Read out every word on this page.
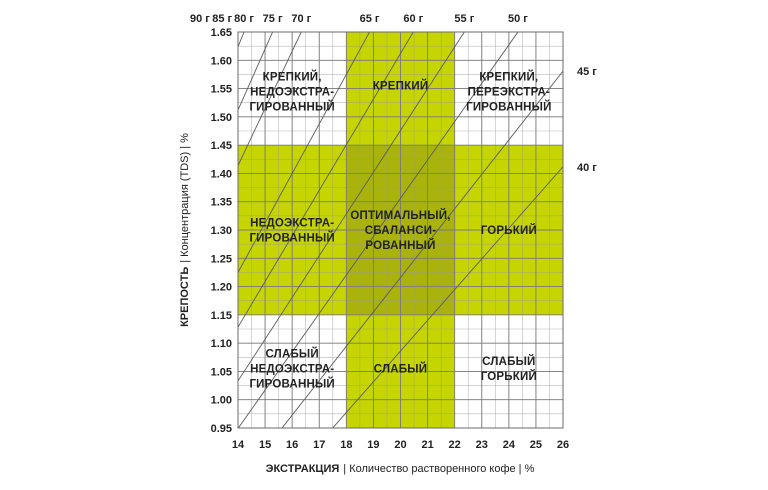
90 г 85 г 80 г 75 г 70 г	65 г 60 г	55 г	50 г
45 г
40 г
14 15 16 17 18 19 20 21 22 23 24 25 26
0.95
1.00
1.05
1.10
1.15
1.20
1.25
1.30
1.35
1.40
1.45
1.50
1.55
1.60
1.65
КРЕПКИЙ, НЕДОЭКСТРА-ГИРОВАННЫЙ
КРЕПКИЙ
КРЕПКИЙ, ПЕРЕЭКСТРА-ГИРОВАННЫЙ
НЕДОЭКСТРА-ГИРОВАННЫЙ
ОПТИМАЛЬНЫЙ, СБАЛАНСИ-РОВАННЫЙ
ГОРЬКИЙ
СЛАБЫЙ НЕДОЭКСТРА-ГИРОВАННЫЙ
СЛАБЫЙ
СЛАБЫЙ ГОРЬКИЙ
ЭКСТРАКЦИЯ | Количество растворенного кофе | %
КРЕПОСТЬ| Концентрация (TDS) | %
